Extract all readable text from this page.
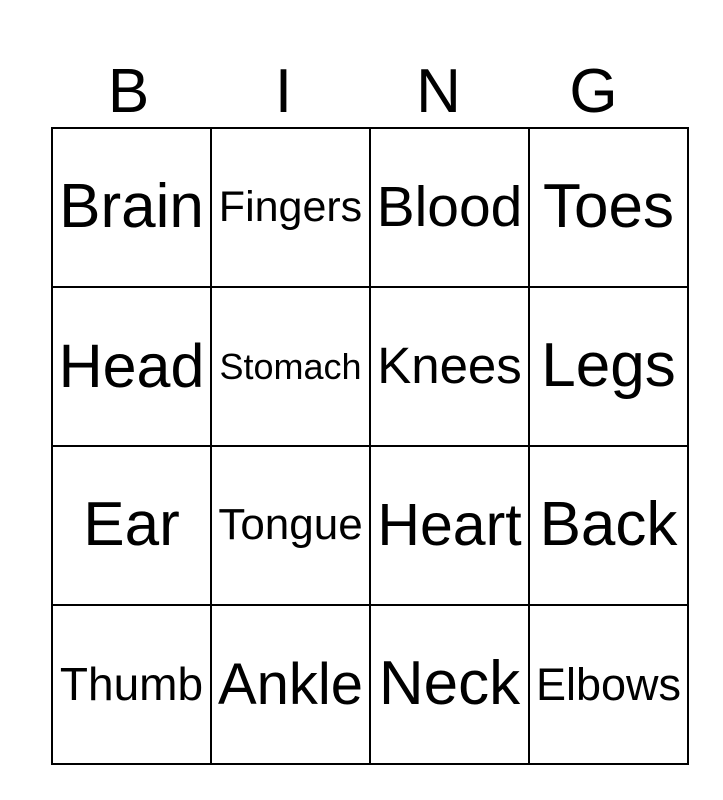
B	I	N	G
Brain	Fingers	Blood	Toes
Head	Stomach	Knees	Legs
Ear	Tongue	Heart	Back
Thumb	Ankle	Neck	Elbows
